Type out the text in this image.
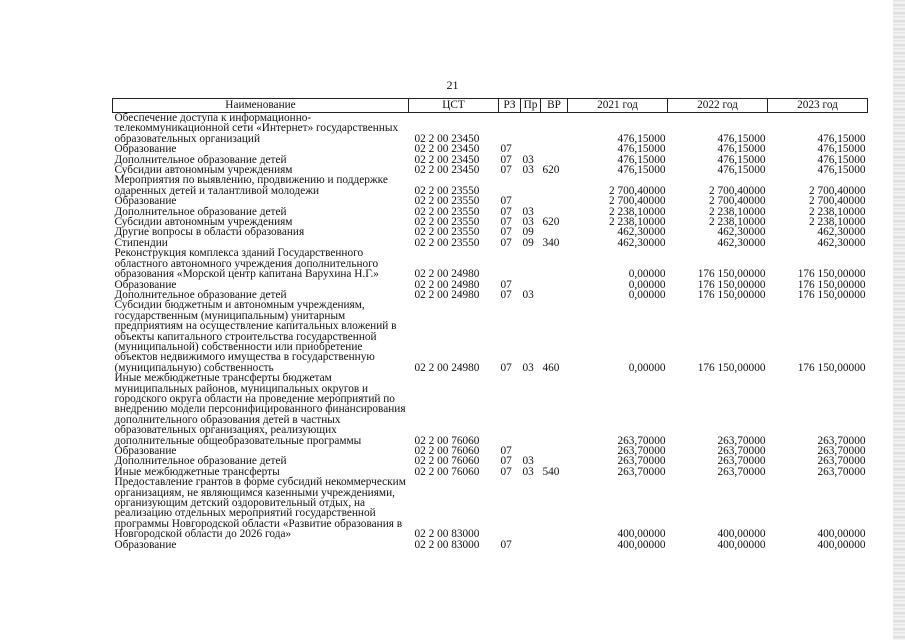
21
Наименование	ЦСТ	РЗ	Пр	ВР	2021 год	2022 год	2023 год
Обеспечение доступа к информационно-телекоммуникационной сети «Интернет» государственных образовательных организаций	02 2 00 23450				476,15000	476,15000	476,15000
Образование	02 2 00 23450	07			476,15000	476,15000	476,15000
Дополнительное образование детей	02 2 00 23450	07	03		476,15000	476,15000	476,15000
Субсидии автономным учреждениям	02 2 00 23450	07	03	620	476,15000	476,15000	476,15000
Мероприятия по выявлению, продвижению и поддержке одаренных детей и талантливой молодежи	02 2 00 23550				2 700,40000	2 700,40000	2 700,40000
Образование	02 2 00 23550	07			2 700,40000	2 700,40000	2 700,40000
Дополнительное образование детей	02 2 00 23550	07	03		2 238,10000	2 238,10000	2 238,10000
Субсидии автономным учреждениям	02 2 00 23550	07	03	620	2 238,10000	2 238,10000	2 238,10000
Другие вопросы в области образования	02 2 00 23550	07	09		462,30000	462,30000	462,30000
Стипендии	02 2 00 23550	07	09	340	462,30000	462,30000	462,30000
Реконструкция комплекса зданий Государственного областного автономного учреждения дополнительного образования «Морской центр капитана Варухина Н.Г.»	02 2 00 24980				0,00000	176 150,00000	176 150,00000
Образование	02 2 00 24980	07			0,00000	176 150,00000	176 150,00000
Дополнительное образование детей	02 2 00 24980	07	03		0,00000	176 150,00000	176 150,00000
Субсидии бюджетным и автономным учреждениям, государственным (муниципальным) унитарным предприятиям на осуществление капитальных вложений в объекты капитального строительства государственной (муниципальной) собственности или приобретение объектов недвижимого имущества в государственную (муниципальную) собственность	02 2 00 24980	07	03	460	0,00000	176 150,00000	176 150,00000
Иные межбюджетные трансферты бюджетам муниципальных районов, муниципальных округов и городского округа области на проведение мероприятий по внедрению модели персонифицированного финансирования дополнительного образования детей в частных образовательных организациях, реализующих дополнительные общеобразовательные программы	02 2 00 76060				263,70000	263,70000	263,70000
Образование	02 2 00 76060	07			263,70000	263,70000	263,70000
Дополнительное образование детей	02 2 00 76060	07	03		263,70000	263,70000	263,70000
Иные межбюджетные трансферты	02 2 00 76060	07	03	540	263,70000	263,70000	263,70000
Предоставление грантов в форме субсидий некоммерческим организациям, не являющимся казенными учреждениями, организующим детский оздоровительный отдых, на реализацию отдельных мероприятий государственной программы Новгородской области «Развитие образования в Новгородской области до 2026 года»	02 2 00 83000				400,00000	400,00000	400,00000
Образование	02 2 00 83000	07			400,00000	400,00000	400,00000
